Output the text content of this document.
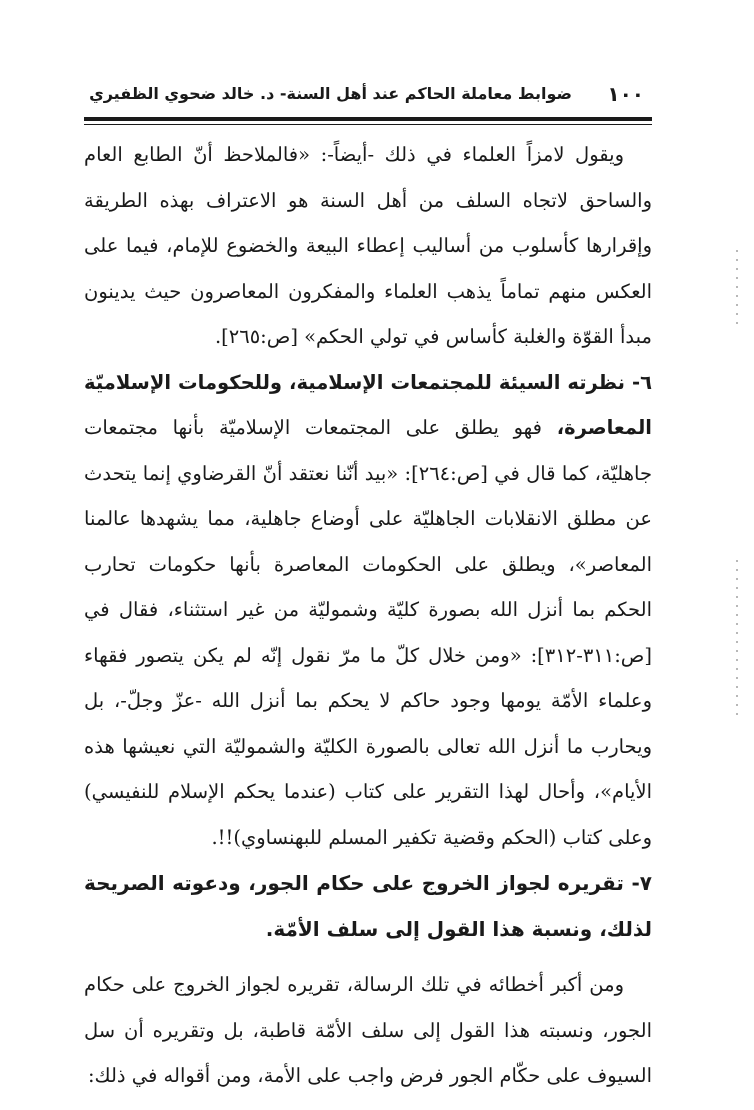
١٠٠
ضوابط معاملة الحاكم عند أهل السنة- د. خالد ضحوي الظفيري

ويقول لامزاً العلماء في ذلك -أيضاً-: «فالملاحظ أنّ الطابع العام والساحق لاتجاه السلف من أهل السنة هو الاعتراف بهذه الطريقة وإقرارها كأسلوب من أساليب إعطاء البيعة والخضوع للإمام، فيما على العكس منهم تماماً يذهب العلماء والمفكرون المعاصرون حيث يدينون مبدأ القوّة والغلبة كأساس في تولي الحكم» [ص:٢٦٥].

٦- نظرته السيئة للمجتمعات الإسلامية، وللحكومات الإسلاميّة المعاصرة، فهو يطلق على المجتمعات الإسلاميّة بأنها مجتمعات جاهليّة، كما قال في [ص:٢٦٤]: «بيد أنّنا نعتقد أنّ القرضاوي إنما يتحدث عن مطلق الانقلابات الجاهليّة على أوضاع جاهلية، مما يشهدها عالمنا المعاصر»، ويطلق على الحكومات المعاصرة بأنها حكومات تحارب الحكم بما أنزل الله بصورة كليّة وشموليّة من غير استثناء، فقال في [ص:٣١١-٣١٢]: «ومن خلال كلّ ما مرّ نقول إنّه لم يكن يتصور فقهاء وعلماء الأمّة يومها وجود حاكم لا يحكم بما أنزل الله -عزّ وجلّ-، بل ويحارب ما أنزل الله تعالى بالصورة الكليّة والشموليّة التي نعيشها هذه الأيام»، وأحال لهذا التقرير على كتاب (عندما يحكم الإسلام للنفيسي) وعلى كتاب (الحكم وقضية تكفير المسلم للبهنساوي)!!.

٧- تقريره لجواز الخروج على حكام الجور، ودعوته الصريحة لذلك، ونسبة هذا القول إلى سلف الأمّة.

ومن أكبر أخطائه في تلك الرسالة، تقريره لجواز الخروج على حكام الجور، ونسبته هذا القول إلى سلف الأمّة قاطبة، بل وتقريره أن سل السيوف على حكّام الجور فرض واجب على الأمة، ومن أقواله في ذلك:
